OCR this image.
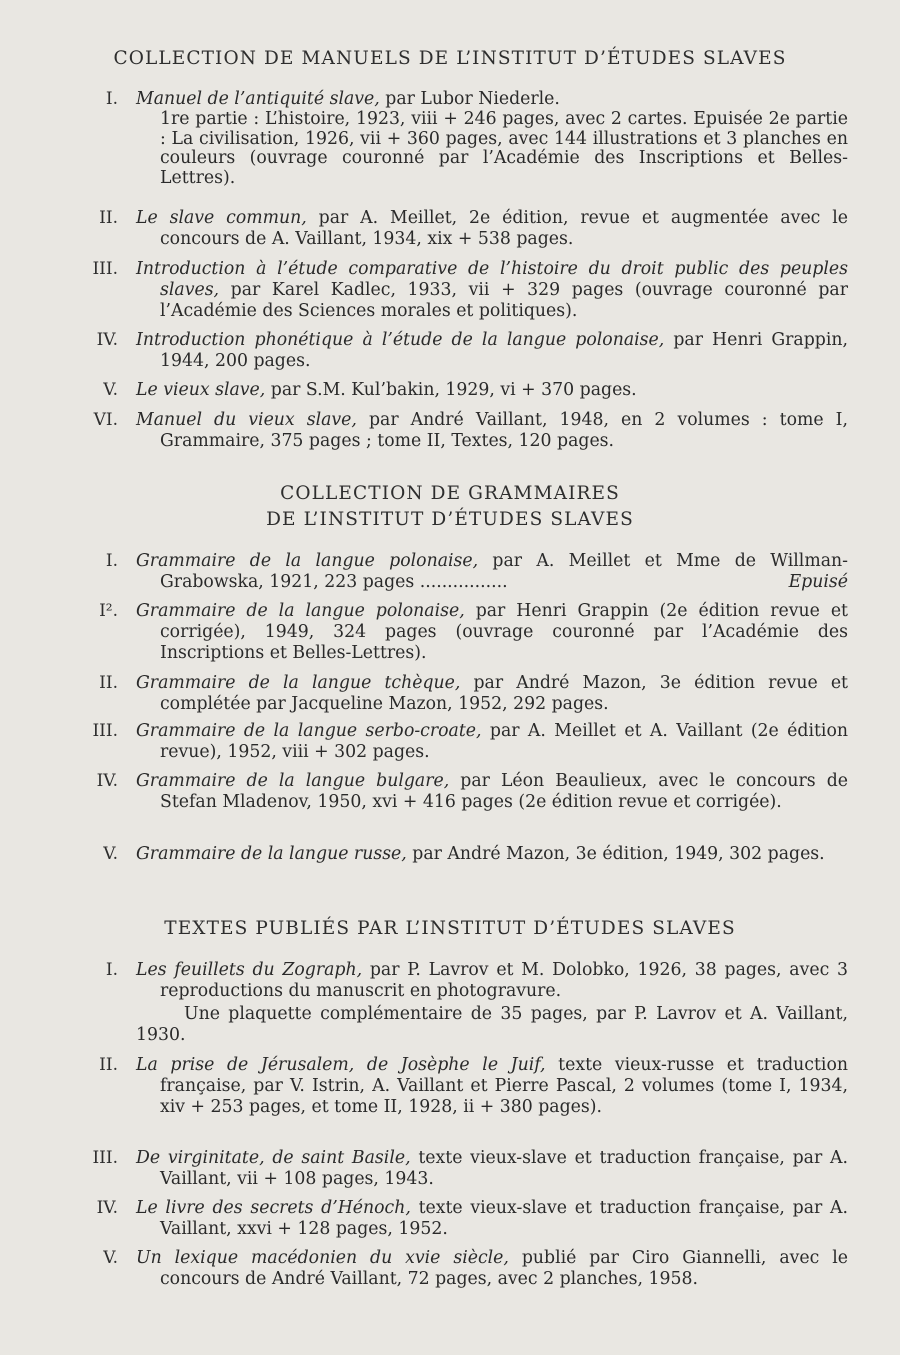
COLLECTION DE MANUELS DE L’INSTITUT D’ÉTUDES SLAVES
I. Manuel de l’antiquité slave, par Lubor Niederle.
1re partie : L’histoire, 1923, viii + 246 pages, avec 2 cartes. Epuisée 2e partie : La civilisation, 1926, vii + 360 pages, avec 144 illustrations et 3 planches en couleurs (ouvrage couronné par l’Académie des Inscriptions et Belles-Lettres).
II. Le slave commun, par A. Meillet, 2e édition, revue et augmentée avec le concours de A. Vaillant, 1934, xix + 538 pages.
III. Introduction à l’étude comparative de l’histoire du droit public des peuples slaves, par Karel Kadlec, 1933, vii + 329 pages (ouvrage couronné par l’Académie des Sciences morales et politiques).
IV. Introduction phonétique à l’étude de la langue polonaise, par Henri Grappin, 1944, 200 pages.
V. Le vieux slave, par S.M. Kul’bakin, 1929, vi + 370 pages.
VI. Manuel du vieux slave, par André Vaillant, 1948, en 2 volumes : tome I, Grammaire, 375 pages ; tome II, Textes, 120 pages.
COLLECTION DE GRAMMAIRES
DE L’INSTITUT D’ÉTUDES SLAVES
I. Grammaire de la langue polonaise, par A. Meillet et Mme de Willman-Grabowska, 1921, 223 pages ................	Epuisé
I². Grammaire de la langue polonaise, par Henri Grappin (2e édition revue et corrigée), 1949, 324 pages (ouvrage couronné par l’Académie des Inscriptions et Belles-Lettres).
II. Grammaire de la langue tchèque, par André Mazon, 3e édition revue et complétée par Jacqueline Mazon, 1952, 292 pages.
III. Grammaire de la langue serbo-croate, par A. Meillet et A. Vaillant (2e édition revue), 1952, viii + 302 pages.
IV. Grammaire de la langue bulgare, par Léon Beaulieux, avec le concours de Stefan Mladenov, 1950, xvi + 416 pages (2e édition revue et corrigée).
V. Grammaire de la langue russe, par André Mazon, 3e édition, 1949, 302 pages.
TEXTES PUBLIÉS PAR L’INSTITUT D’ÉTUDES SLAVES
I. Les feuillets du Zograph, par P. Lavrov et M. Dolobko, 1926, 38 pages, avec 3 reproductions du manuscrit en photogravure.
Une plaquette complémentaire de 35 pages, par P. Lavrov et A. Vaillant, 1930.
II. La prise de Jérusalem, de Josèphe le Juif, texte vieux-russe et traduction française, par V. Istrin, A. Vaillant et Pierre Pascal, 2 volumes (tome I, 1934, xiv + 253 pages, et tome II, 1928, ii + 380 pages).
III. De virginitate, de saint Basile, texte vieux-slave et traduction française, par A. Vaillant, vii + 108 pages, 1943.
IV. Le livre des secrets d’Hénoch, texte vieux-slave et traduction française, par A. Vaillant, xxvi + 128 pages, 1952.
V. Un lexique macédonien du xvie siècle, publié par Ciro Giannelli, avec le concours de André Vaillant, 72 pages, avec 2 planches, 1958.
